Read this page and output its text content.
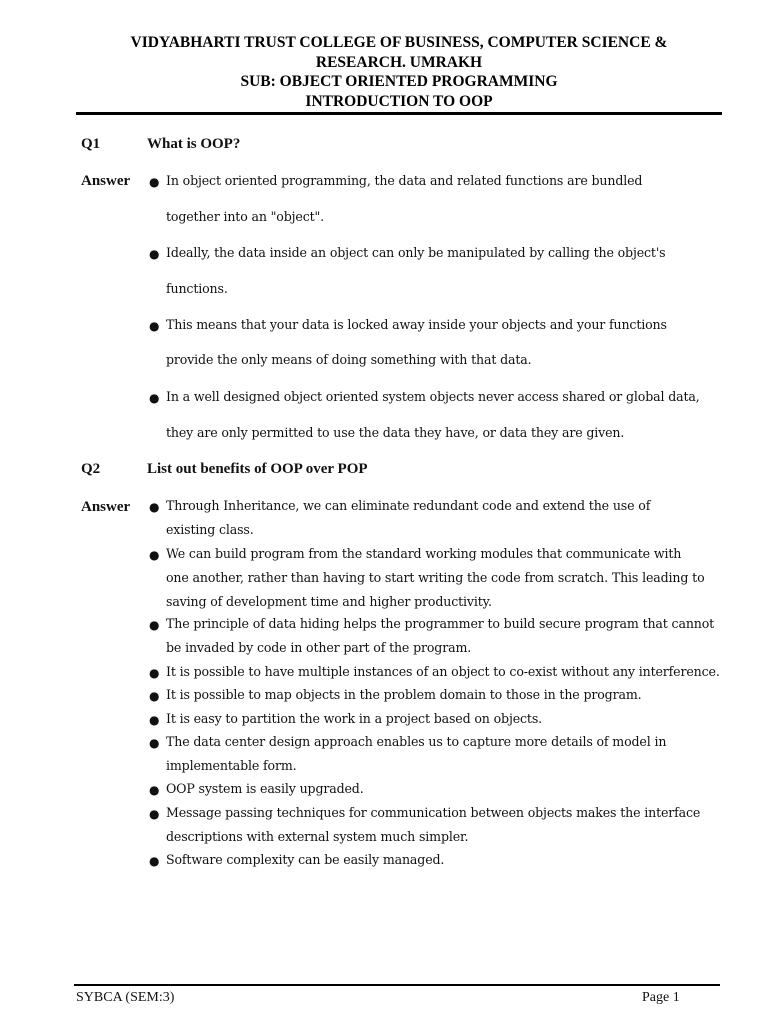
VIDYABHARTI TRUST COLLEGE OF BUSINESS, COMPUTER SCIENCE &
RESEARCH. UMRAKH
SUB: OBJECT ORIENTED PROGRAMMING
INTRODUCTION TO OOP
Q1	What is OOP?
Answer ● In object oriented programming, the data and related functions are bundled
together into an "object".
● Ideally, the data inside an object can only be manipulated by calling the object's
functions.
● This means that your data is locked away inside your objects and your functions
provide the only means of doing something with that data.
● In a well designed object oriented system objects never access shared or global data,
they are only permitted to use the data they have, or data they are given.
Q2	List out benefits of OOP over POP
Answer ● Through Inheritance, we can eliminate redundant code and extend the use of
existing class.
● We can build program from the standard working modules that communicate with
one another, rather than having to start writing the code from scratch. This leading to
saving of development time and higher productivity.
● The principle of data hiding helps the programmer to build secure program that cannot
be invaded by code in other part of the program.
● It is possible to have multiple instances of an object to co-exist without any interference.
● It is possible to map objects in the problem domain to those in the program.
● It is easy to partition the work in a project based on objects.
● The data center design approach enables us to capture more details of model in
implementable form.
● OOP system is easily upgraded.
● Message passing techniques for communication between objects makes the interface
descriptions with external system much simpler.
● Software complexity can be easily managed.
SYBCA (SEM:3)	Page 1
